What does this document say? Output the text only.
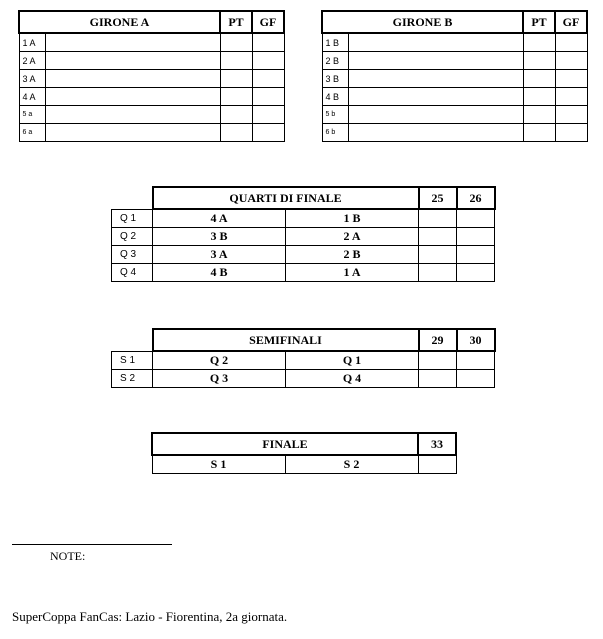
GIRONE A		PT	GF
1 A			
2 A			
3 A			
4 A			
5 a			
6 a			
GIRONE B		PT	GF
1 B			
2 B			
3 B			
4 B			
5 b			
6 b			
	QUARTI DI FINALE		25	26
Q 1	4 A	1 B		
Q 2	3 B	2 A		
Q 3	3 A	2 B		
Q 4	4 B	1 A		
	SEMIFINALI		29	30
S 1	Q 2	Q 1		
S 2	Q 3	Q 4		
FINALE		33
S 1	S 2	
NOTE:
SuperCoppa FanCas: Lazio - Fiorentina, 2a giornata.
